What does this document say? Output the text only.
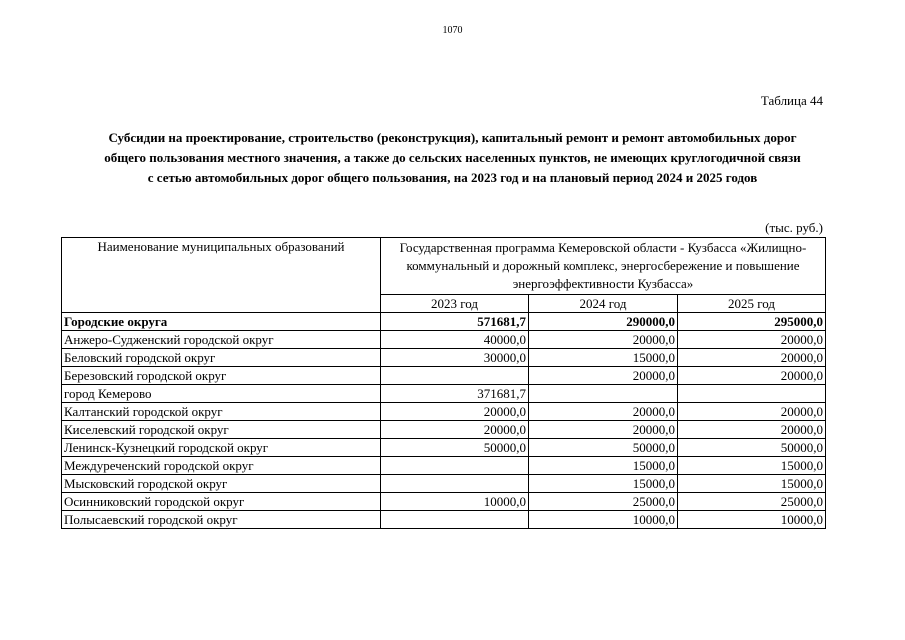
1070
Таблица 44
Субсидии на проектирование, строительство (реконструкция), капитальный ремонт и ремонт автомобильных дорог
общего пользования местного значения, а также до сельских населенных пунктов, не имеющих круглогодичной связи
с сетью автомобильных дорог общего пользования, на 2023 год и на плановый период 2024 и 2025 годов
(тыс. руб.)
Наименование муниципальных образований	Государственная программа Кемеровской области - Кузбасса «Жилищно-коммунальный и дорожный комплекс, энергосбережение и повышение энергоэффективности Кузбасса»		
	2023 год	2024 год	2025 год
Городские округа	571681,7	290000,0	295000,0
Анжеро-Судженский городской округ	40000,0	20000,0	20000,0
Беловский городской округ	30000,0	15000,0	20000,0
Березовский городской округ		20000,0	20000,0
город Кемерово	371681,7		
Калтанский городской округ	20000,0	20000,0	20000,0
Киселевский городской округ	20000,0	20000,0	20000,0
Ленинск-Кузнецкий городской округ	50000,0	50000,0	50000,0
Междуреченский городской округ		15000,0	15000,0
Мысковский городской округ		15000,0	15000,0
Осинниковский городской округ	10000,0	25000,0	25000,0
Полысаевский городской округ		10000,0	10000,0
